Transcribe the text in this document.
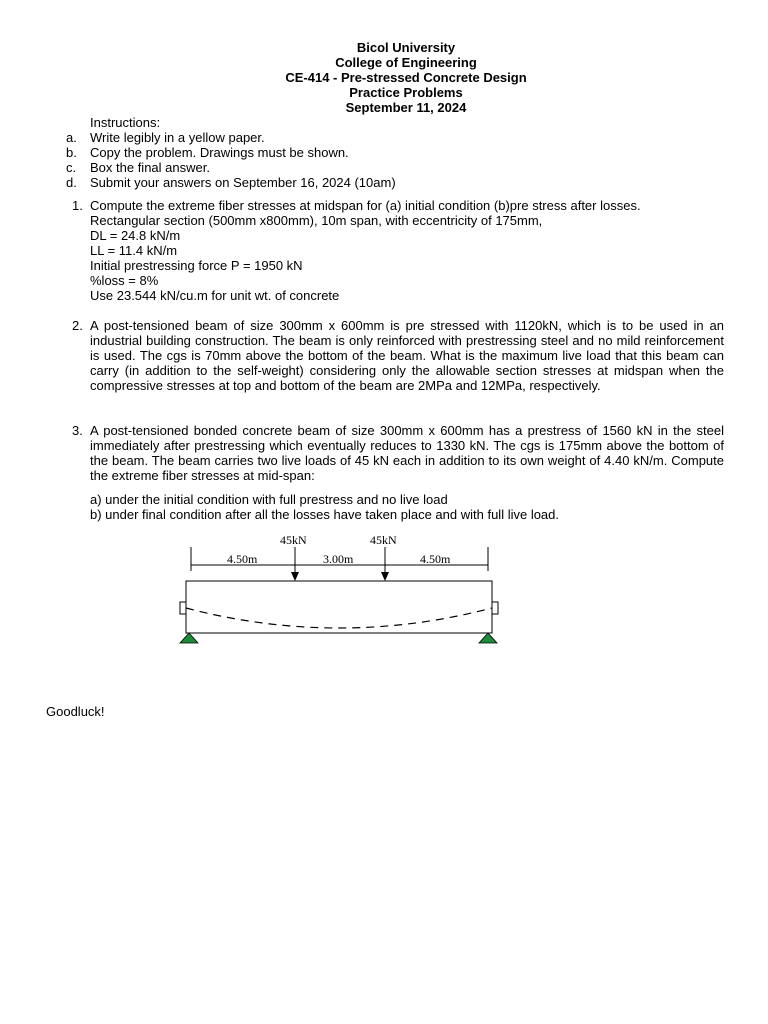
Bicol University
College of Engineering
CE-414 - Pre-stressed Concrete Design
Practice Problems
September 11, 2024
Instructions:
a.	Write legibly in a yellow paper.
b.	Copy the problem. Drawings must be shown.
c.	Box the final answer.
d.	Submit your answers on September 16, 2024 (10am)
1. Compute the extreme fiber stresses at midspan for (a) initial condition (b)pre stress after losses.
Rectangular section (500mm x800mm), 10m span, with eccentricity of 175mm,
DL = 24.8 kN/m
LL = 11.4 kN/m
Initial prestressing force P = 1950 kN
%loss = 8%
Use 23.544 kN/cu.m for unit wt. of concrete
2. A post-tensioned beam of size 300mm x 600mm is pre stressed with 1120kN, which is to be used in an industrial building construction. The beam is only reinforced with prestressing steel and no mild reinforcement is used. The cgs is 70mm above the bottom of the beam. What is the maximum live load that this beam can carry (in addition to the self-weight) considering only the allowable section stresses at midspan when the compressive stresses at top and bottom of the beam are 2MPa and 12MPa, respectively.
3. A post-tensioned bonded concrete beam of size 300mm x 600mm has a prestress of 1560 kN in the steel immediately after prestressing which eventually reduces to 1330 kN. The cgs is 175mm above the bottom of the beam. The beam carries two live loads of 45 kN each in addition to its own weight of 4.40 kN/m. Compute the extreme fiber stresses at mid-span:
a) under the initial condition with full prestress and no live load
b) under final condition after all the losses have taken place and with full live load.
45kN	45kN
4.50m	3.00m	4.50m
Goodluck!
